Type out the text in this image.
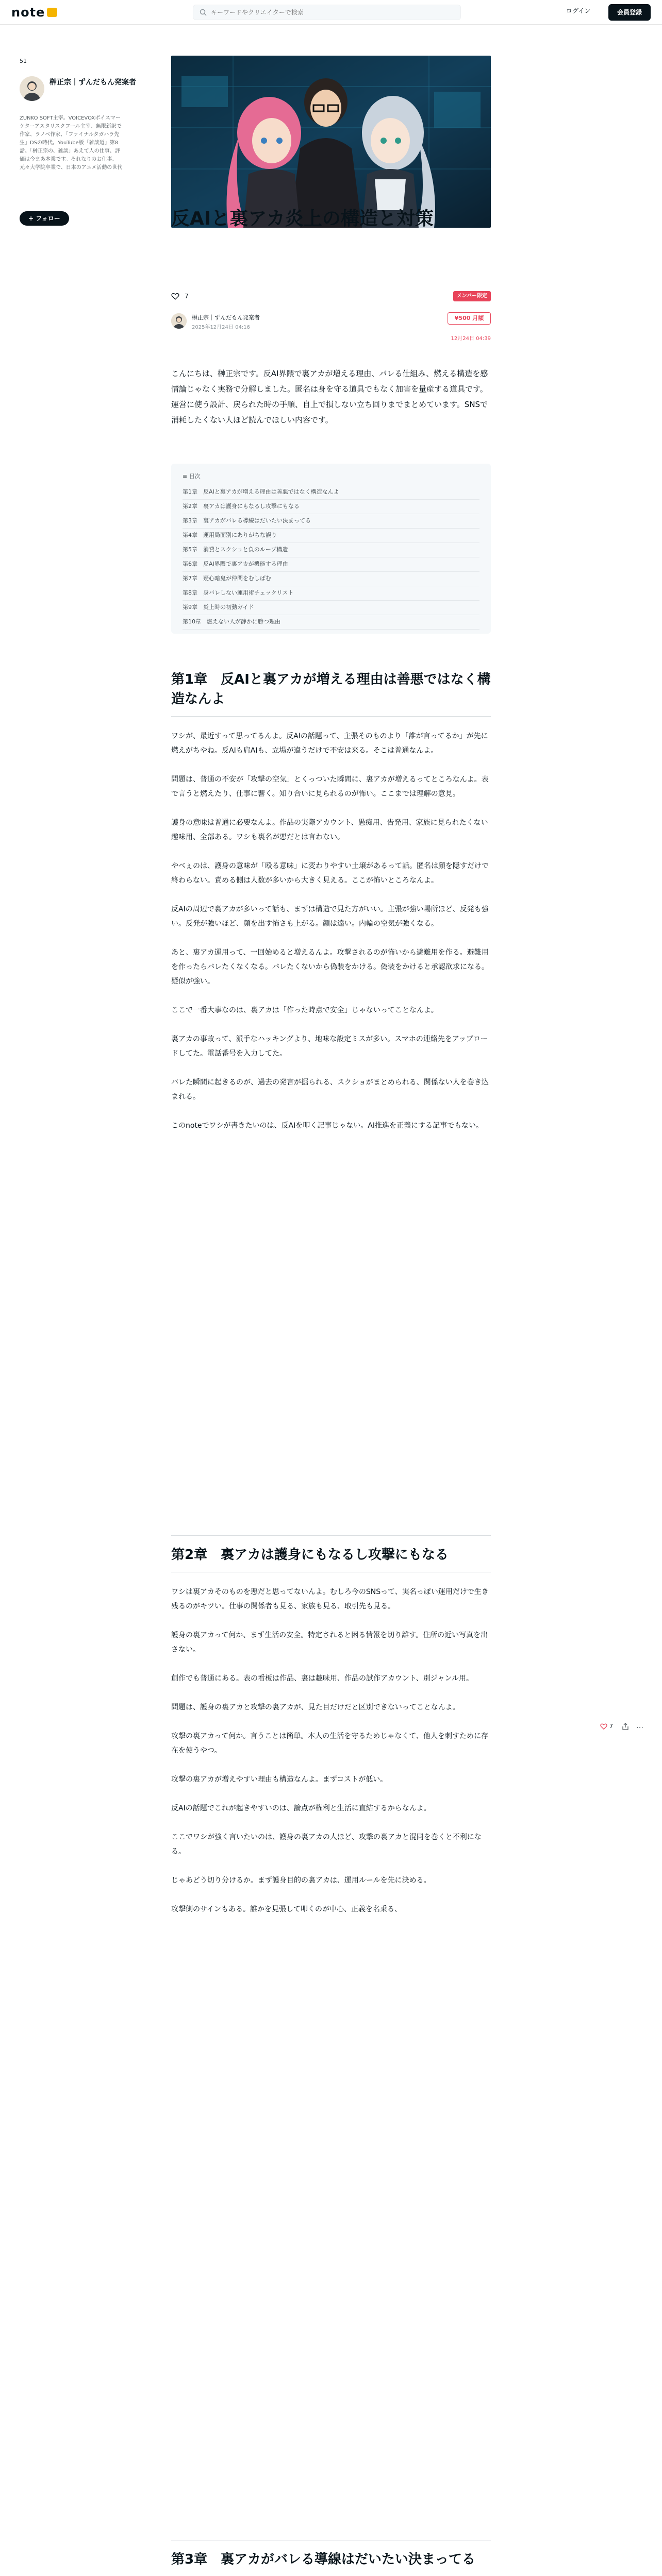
note
キーワードやクリエイターで検索	ログイン	会員登録
51
榊正宗｜ずんだもん発案者
ZUNKO SOFT主宰。VOICEVOXボイスマーケターアスタリスクフール主宰、無限新訳で作家、ラノベ作家、「ファイナルタガハラ先生」DSの時代。YouTube版「雑談道」第8話。「榊正宗の、雑談」あえて人の仕事、評価は今まあ本業です。それなりのお仕事。元々大学院卒業で、日本のアニメ活動の世代
+ フォロー	反AIと裏アカ炎上の構造と対策
7	メンバー限定
榊正宗｜ずんだもん発案者
2025年12月24日 04:16
¥500 月額
12月24日 04:39
こんにちは、榊正宗です。反AI界隈で裏アカが増える理由、バレる仕組み、燃える構造を感情論じゃなく実務で分解しました。匿名は身を守る道具でもなく加害を量産する道具です。運営に使う設計、戻られた時の手順、自上で損しない立ち回りまでまとめています。SNSで消耗したくない人ほど読んでほしい内容です。
≡ 目次
第1章　反AIと裏アカが増える理由は善悪ではなく構造なんよ
第2章　裏アカは護身にもなるし攻撃にもなる
第3章　裏アカがバレる導線はだいたい決まってる
第4章　運用局面別にありがちな誤り
第5章　消費とスクショと負のループ構造
第6章　反AI界隈で裏アカが機能する理由
第7章　疑心暗鬼が仲間をむしばむ
第8章　身バレしない運用術チェックリスト
第9章　炎上時の初動ガイド
第10章　燃えない人が静かに勝つ理由
第1章　反AIと裏アカが増える理由は善悪ではなく構造なんよ
ワシが、最近すって思ってるんよ。反AIの話題って、主張そのものより「誰が言ってるか」が先に燃えがちやね。反AIも肩AIも、立場が違うだけで不安は来る。そこは普通なんよ。
問題は、普通の不安が「攻撃の空気」とくっついた瞬間に、裏アカが増えるってところなんよ。表で言うと燃えたり、仕事に響く。知り合いに見られるのが怖い。ここまでは理解の意見。
護身の意味は普通に必要なんよ。作品の実際アカウント、愚痴用、告発用、家族に見られたくない趣味用、全部ある。ワシも裏名が悪だとは言わない。
やべぇのは、護身の意味が「殴る意味」に変わりやすい土壌があるって話。匿名は顔を隠すだけで終わらない。責める側は人数が多いから大きく見える。ここが怖いところなんよ。
反AIの周辺で裏アカが多いって話も、まずは構造で見た方がいい。主張が強い場所ほど、反発も強い。反発が強いほど、顔を出す怖さも上がる。顔は遠い。内輪の空気が強くなる。
あと、裏アカ運用って、一回始めると増えるんよ。攻撃されるのが怖いから避難用を作る。避難用を作ったらバレたくなくなる。バレたくないから偽装をかける。偽装をかけると承認欲求になる。疑似が強い。
ここで一番大事なのは、裏アカは「作った時点で安全」じゃないってことなんよ。
裏アカの事故って、派手なハッキングより、地味な設定ミスが多い。スマホの連絡先をアップロードしてた。電話番号を入力してた。
バレた瞬間に起きるのが、過去の発言が掘られる、スクショがまとめられる、関係ない人を巻き込まれる。
このnoteでワシが書きたいのは、反AIを叩く記事じゃない。AI推進を正義にする記事でもない。
第2章　裏アカは護身にもなるし攻撃にもなる
ワシは裏アカそのものを悪だと思ってないんよ。むしろ今のSNSって、実名っぽい運用だけで生き残るのがキツい。仕事の関係者も見る、家族も見る、取引先も見る。
護身の裏アカって何か、まず生活の安全。特定されると困る情報を切り離す。住所の近い写真を出さない。
創作でも普通にある。表の看板は作品、裏は趣味用、作品の試作アカウント、別ジャンル用。
問題は、護身の裏アカと攻撃の裏アカが、見た目だけだと区別できないってことなんよ。
攻撃の裏アカって何か。言うことは簡単。本人の生活を守るためじゃなくて、他人を刺すために存在を使うやつ。
攻撃の裏アカが増えやすい理由も構造なんよ。まずコストが低い。
反AIの話題でこれが起きやすいのは、論点が権利と生活に直結するからなんよ。
ここでワシが強く言いたいのは、護身の裏アカの人ほど、攻撃の裏アカと混同を巻くと不利になる。
じゃあどう切り分けるか。まず護身目的の裏アカは、運用ルールを先に決める。
攻撃側のサインもある。誰かを見張して叩くのが中心、正義を名乗る、
第3章　裏アカがバレる導線はだいたい決まってる
7	…
